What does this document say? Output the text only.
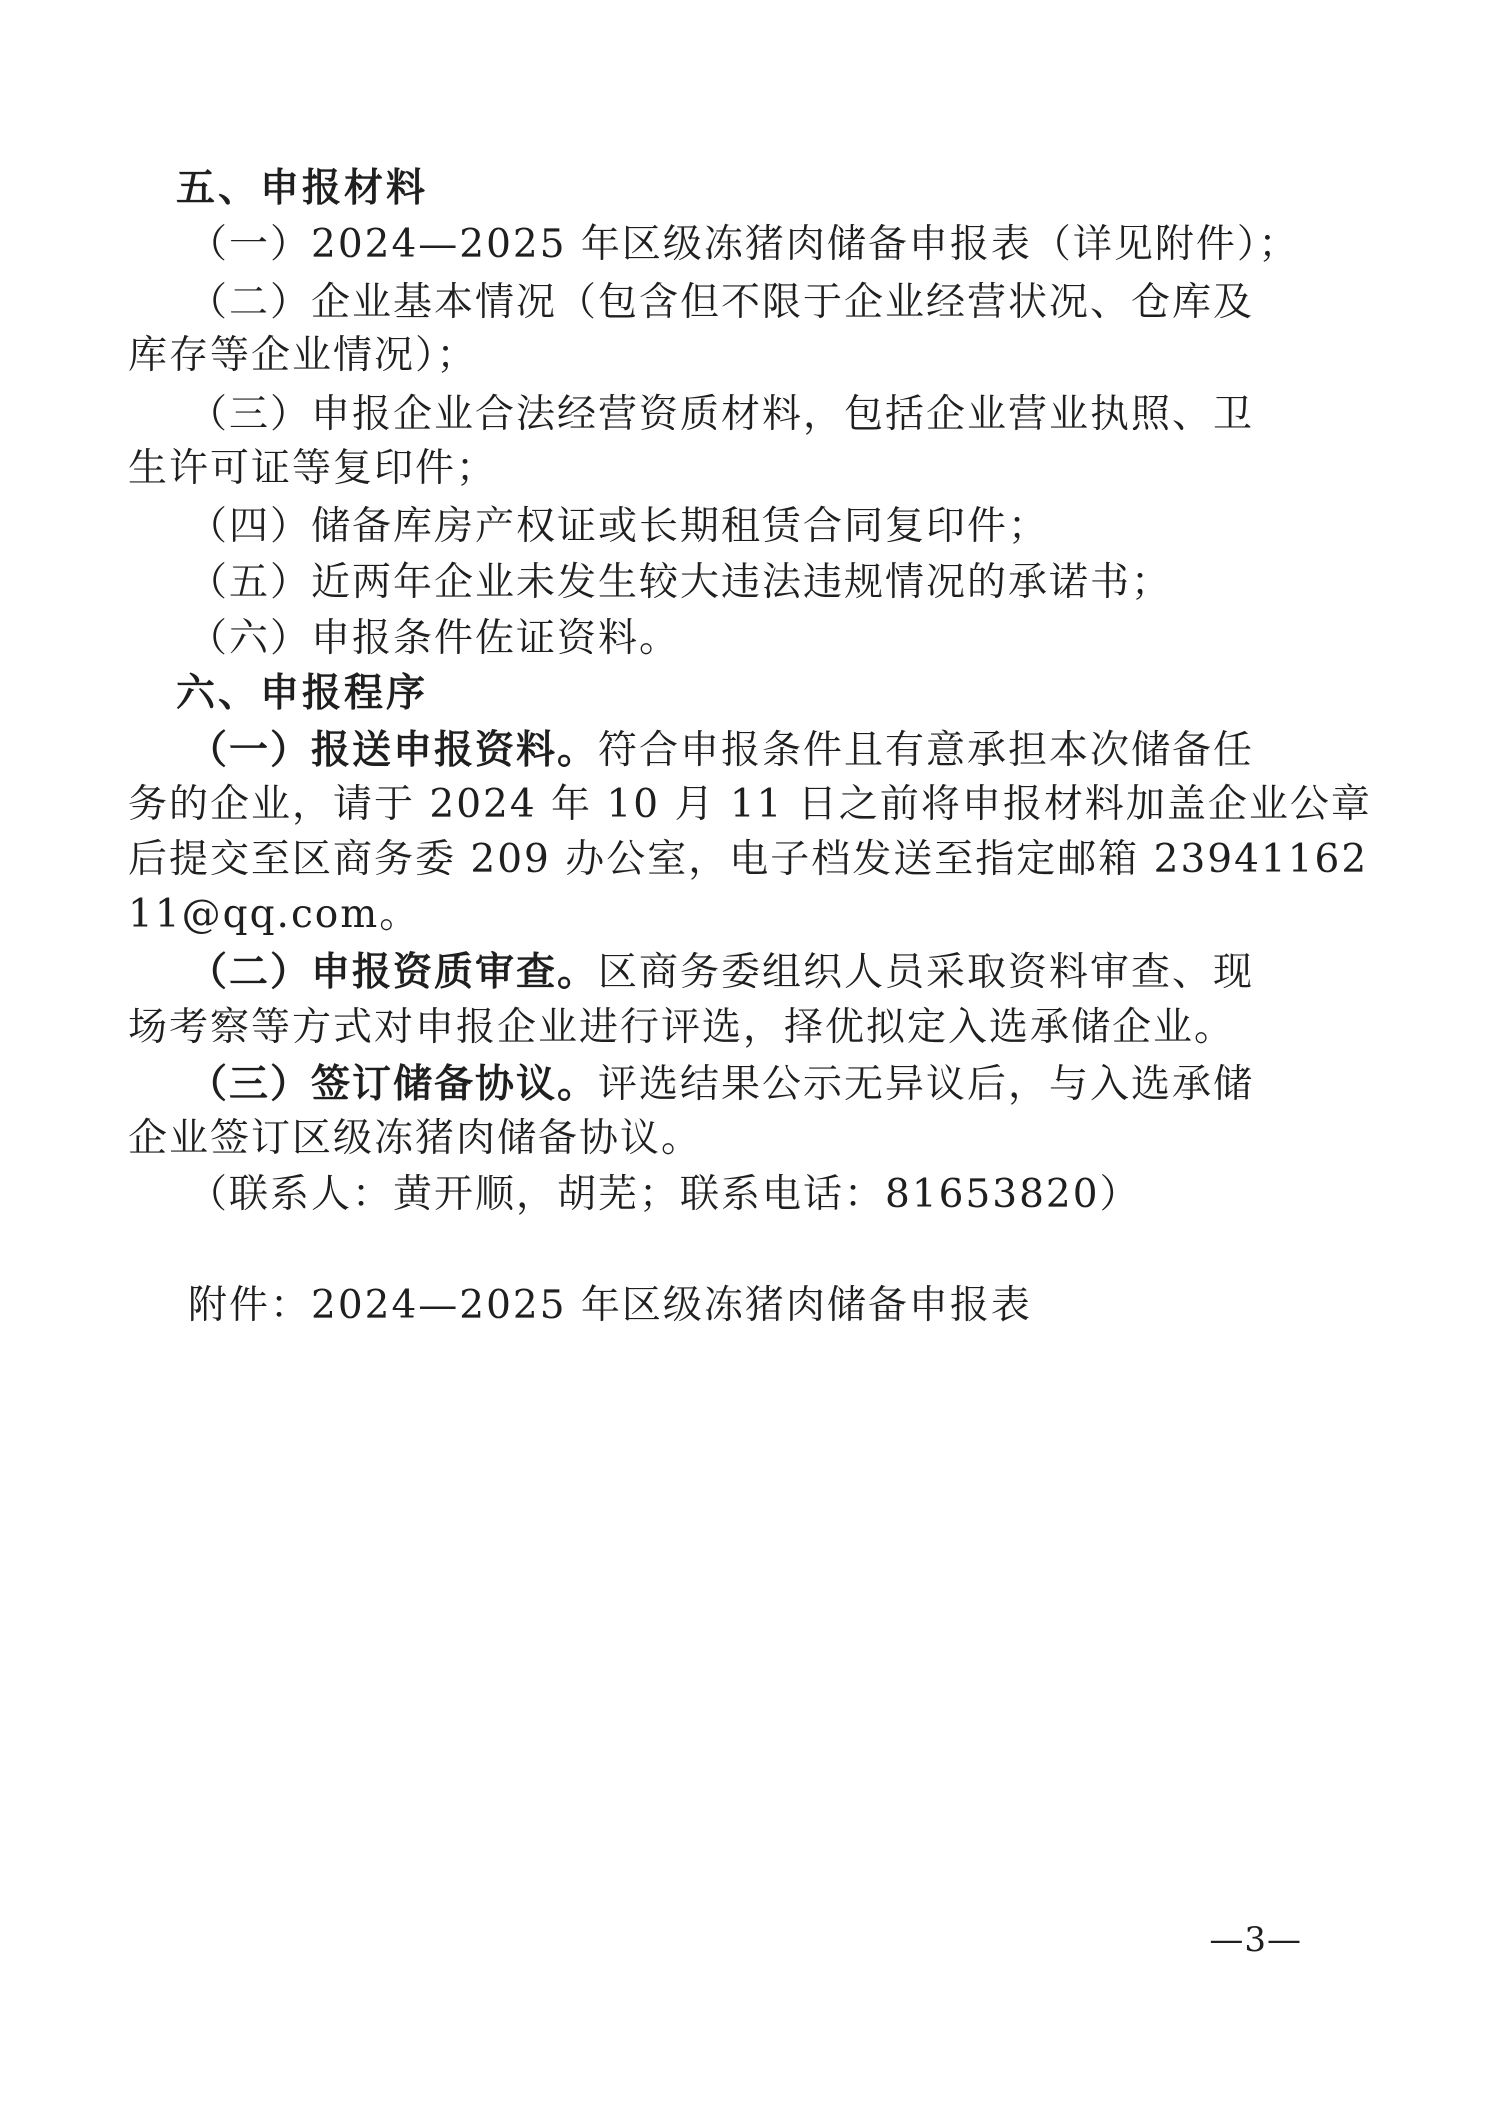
五、申报材料
（一）2024—2025 年区级冻猪肉储备申报表（详见附件）；
（二）企业基本情况（包含但不限于企业经营状况、仓库及
库存等企业情况）；
（三）申报企业合法经营资质材料，包括企业营业执照、卫
生许可证等复印件；
（四）储备库房产权证或长期租赁合同复印件；
（五）近两年企业未发生较大违法违规情况的承诺书；
（六）申报条件佐证资料。
六、申报程序
（一）报送申报资料。符合申报条件且有意承担本次储备任
务的企业，请于 2024 年 10 月 11 日之前将申报材料加盖企业公章
后提交至区商务委 209 办公室，电子档发送至指定邮箱 23941162
11@qq.com。
（二）申报资质审查。区商务委组织人员采取资料审查、现
场考察等方式对申报企业进行评选，择优拟定入选承储企业。
（三）签订储备协议。评选结果公示无异议后，与入选承储
企业签订区级冻猪肉储备协议。
（联系人：黄开顺，胡芜；联系电话：81653820）
附件：2024—2025 年区级冻猪肉储备申报表
—3—
